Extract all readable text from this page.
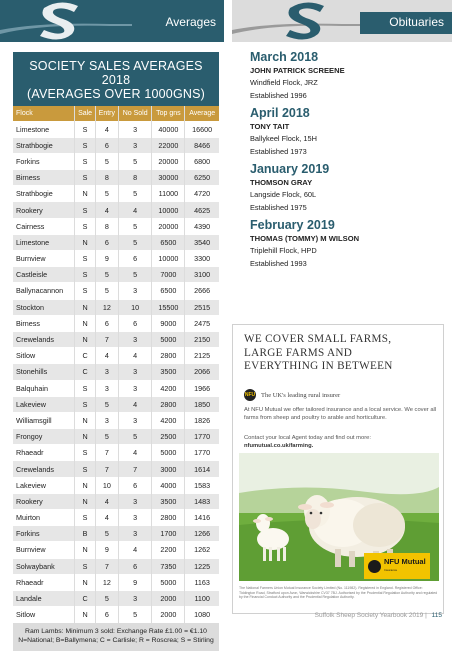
Averages	Obituaries
SOCIETY SALES AVERAGES 2018
(AVERAGES OVER 1000GNS)
Flock	Sale	Entry	No Sold	Top gns	Average
Limestone	S	4	3	40000	16600
Strathbogie	S	6	3	22000	8466
Forkins	S	5	5	20000	6800
Birness	S	8	8	30000	6250
Strathbogie	N	5	5	11000	4720
Rookery	S	4	4	10000	4625
Cairness	S	8	5	20000	4390
Limestone	N	6	5	6500	3540
Burnview	S	9	6	10000	3300
Castleisle	S	5	5	7000	3100
Ballynacannon	S	5	3	6500	2666
Stockton	N	12	10	15500	2515
Birness	N	6	6	9000	2475
Crewelands	N	7	3	5000	2150
Sitlow	C	4	4	2800	2125
Stonehills	C	3	3	3500	2066
Balquhain	S	3	3	4200	1966
Lakeview	S	5	4	2800	1850
Williamsgill	N	3	3	4200	1826
Frongoy	N	5	5	2500	1770
Rhaeadr	S	7	4	5000	1770
Crewelands	S	7	7	3000	1614
Lakeview	N	10	6	4000	1583
Rookery	N	4	3	3500	1483
Muirton	S	4	3	2800	1416
Forkins	B	5	3	1700	1266
Burnview	N	9	4	2200	1262
Solwaybank	S	7	6	7350	1225
Rhaeadr	N	12	9	5000	1163
Landale	C	5	3	2000	1100
Sitlow	N	6	5	2000	1080
Ram Lambs: Minimum 3 sold: Exchange Rate £1.00 = €1.10
N=National; B=Ballymena; C = Carlisle; R = Roscrea; S = Stirling
March 2018
JOHN PATRICK SCREENE
Windfield Flock, JRZ
Established 1996
April 2018
TONY TAIT
Ballykeel Flock, 15H
Established 1973
January 2019
THOMSON GRAY
Langside Flock, 60L
Established 1975
February 2019
THOMAS (TOMMY) M WILSON
Triplehill Flock, HPD
Established 1993
WE COVER SMALL FARMS,
LARGE FARMS AND
EVERYTHING IN BETWEEN
NFU The UK's leading rural insurer
At NFU Mutual we offer tailored insurance and a local service. We cover all farms from sheep and poultry to arable and horticulture.
Contact your local Agent today and find out more:
nfumutual.co.uk/farming.
NFU Mutual
Insurance
The National Farmers Union Mutual Insurance Society Limited (No. 111982). Registered in England. Registered Office: Tiddington Road, Stratford upon Avon, Warwickshire CV37 7BJ. Authorised by the Prudential Regulation Authority and regulated by the Financial Conduct Authority and the Prudential Regulation Authority.
Suffolk Sheep Society Yearbook 2019 | 115
